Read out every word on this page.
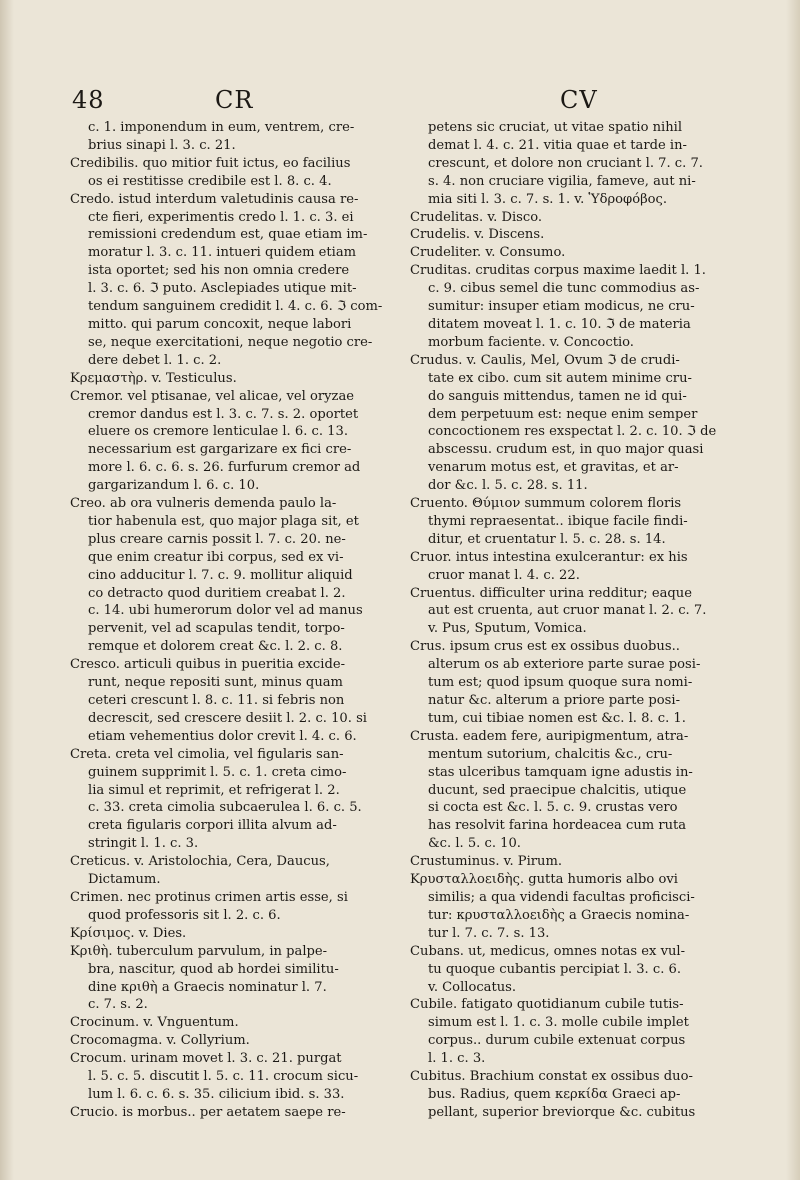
48	CR	CV
c. 1. imponendum in eum, ventrem, cre-
brius sinapi l. 3. c. 21.
Credibilis. quo mitior fuit ictus, eo facilius
os ei restitisse credibile est l. 8. c. 4.
Credo. istud interdum valetudinis causa re-
cte fieri, experimentis credo l. 1. c. 3. ei
remissioni credendum est, quae etiam im-
moratur l. 3. c. 11. intueri quidem etiam
ista oportet; sed his non omnia credere
l. 3. c. 6. ℑ puto. Asclepiades utique mit-
tendum sanguinem credidit l. 4. c. 6. ℑ com-
mitto. qui parum concoxit, neque labori
se, neque exercitationi, neque negotio cre-
dere debet l. 1. c. 2.
Κρεμαστὴρ. v. Testiculus.
Cremor. vel ptisanae, vel alicae, vel oryzae
cremor dandus est l. 3. c. 7. s. 2. oportet
eluere os cremore lenticulae l. 6. c. 13.
necessarium est gargarizare ex fici cre-
more l. 6. c. 6. s. 26. furfurum cremor ad
gargarizandum l. 6. c. 10.
Creo. ab ora vulneris demenda paulo la-
tior habenula est, quo major plaga sit, et
plus creare carnis possit l. 7. c. 20. ne-
que enim creatur ibi corpus, sed ex vi-
cino adducitur l. 7. c. 9. mollitur aliquid
co detracto quod duritiem creabat l. 2.
c. 14. ubi humerorum dolor vel ad manus
pervenit, vel ad scapulas tendit, torpo-
remque et dolorem creat &c. l. 2. c. 8.
Cresco. articuli quibus in pueritia excide-
runt, neque repositi sunt, minus quam
ceteri crescunt l. 8. c. 11. si febris non
decrescit, sed crescere desiit l. 2. c. 10. si
etiam vehementius dolor crevit l. 4. c. 6.
Creta. creta vel cimolia, vel figularis san-
guinem supprimit l. 5. c. 1. creta cimo-
lia simul et reprimit, et refrigerat l. 2.
c. 33. creta cimolia subcaerulea l. 6. c. 5.
creta figularis corpori illita alvum ad-
stringit l. 1. c. 3.
Creticus. v. Aristolochia, Cera, Daucus,
Dictamum.
Crimen. nec protinus crimen artis esse, si
quod professoris sit l. 2. c. 6.
Κρίσιμος. v. Dies.
Κριθὴ. tuberculum parvulum, in palpe-
bra, nascitur, quod ab hordei similitu-
dine κριθὴ a Graecis nominatur l. 7.
c. 7. s. 2.
Crocinum. v. Vnguentum.
Crocomagma. v. Collyrium.
Crocum. urinam movet l. 3. c. 21. purgat
l. 5. c. 5. discutit l. 5. c. 11. crocum sicu-
lum l. 6. c. 6. s. 35. cilicium ibid. s. 33.
Crucio. is morbus.. per aetatem saepe re-
petens sic cruciat, ut vitae spatio nihil
demat l. 4. c. 21. vitia quae et tarde in-
crescunt, et dolore non cruciant l. 7. c. 7.
s. 4. non cruciare vigilia, fameve, aut ni-
mia siti l. 3. c. 7. s. 1. v. Ὑδροφόβος.
Crudelitas. v. Disco.
Crudelis. v. Discens.
Crudeliter. v. Consumo.
Cruditas. cruditas corpus maxime laedit l. 1.
c. 9. cibus semel die tunc commodius as-
sumitur: insuper etiam modicus, ne cru-
ditatem moveat l. 1. c. 10. ℑ de materia
morbum faciente. v. Concoctio.
Crudus. v. Caulis, Mel, Ovum ℑ de crudi-
tate ex cibo. cum sit autem minime cru-
do sanguis mittendus, tamen ne id qui-
dem perpetuum est: neque enim semper
concoctionem res exspectat l. 2. c. 10. ℑ de
abscessu. crudum est, in quo major quasi
venarum motus est, et gravitas, et ar-
dor &c. l. 5. c. 28. s. 11.
Cruento. Θύμιον summum colorem floris
thymi repraesentat.. ibique facile findi-
ditur, et cruentatur l. 5. c. 28. s. 14.
Cruor. intus intestina exulcerantur: ex his
cruor manat l. 4. c. 22.
Cruentus. difficulter urina redditur; eaque
aut est cruenta, aut cruor manat l. 2. c. 7.
v. Pus, Sputum, Vomica.
Crus. ipsum crus est ex ossibus duobus..
alterum os ab exteriore parte surae posi-
tum est; quod ipsum quoque sura nomi-
natur &c. alterum a priore parte posi-
tum, cui tibiae nomen est &c. l. 8. c. 1.
Crusta. eadem fere, auripigmentum, atra-
mentum sutorium, chalcitis &c., cru-
stas ulceribus tamquam igne adustis in-
ducunt, sed praecipue chalcitis, utique
si cocta est &c. l. 5. c. 9. crustas vero
has resolvit farina hordeacea cum ruta
&c. l. 5. c. 10.
Crustuminus. v. Pirum.
Κρυσταλλοειδὴς. gutta humoris albo ovi
similis; a qua videndi facultas proficisci-
tur: κρυσταλλοειδὴς a Graecis nomina-
tur l. 7. c. 7. s. 13.
Cubans. ut, medicus, omnes notas ex vul-
tu quoque cubantis percipiat l. 3. c. 6.
v. Collocatus.
Cubile. fatigato quotidianum cubile tutis-
simum est l. 1. c. 3. molle cubile implet
corpus.. durum cubile extenuat corpus
l. 1. c. 3.
Cubitus. Brachium constat ex ossibus duo-
bus. Radius, quem κερκίδα Graeci ap-
pellant, superior breviorque &c. cubitus
